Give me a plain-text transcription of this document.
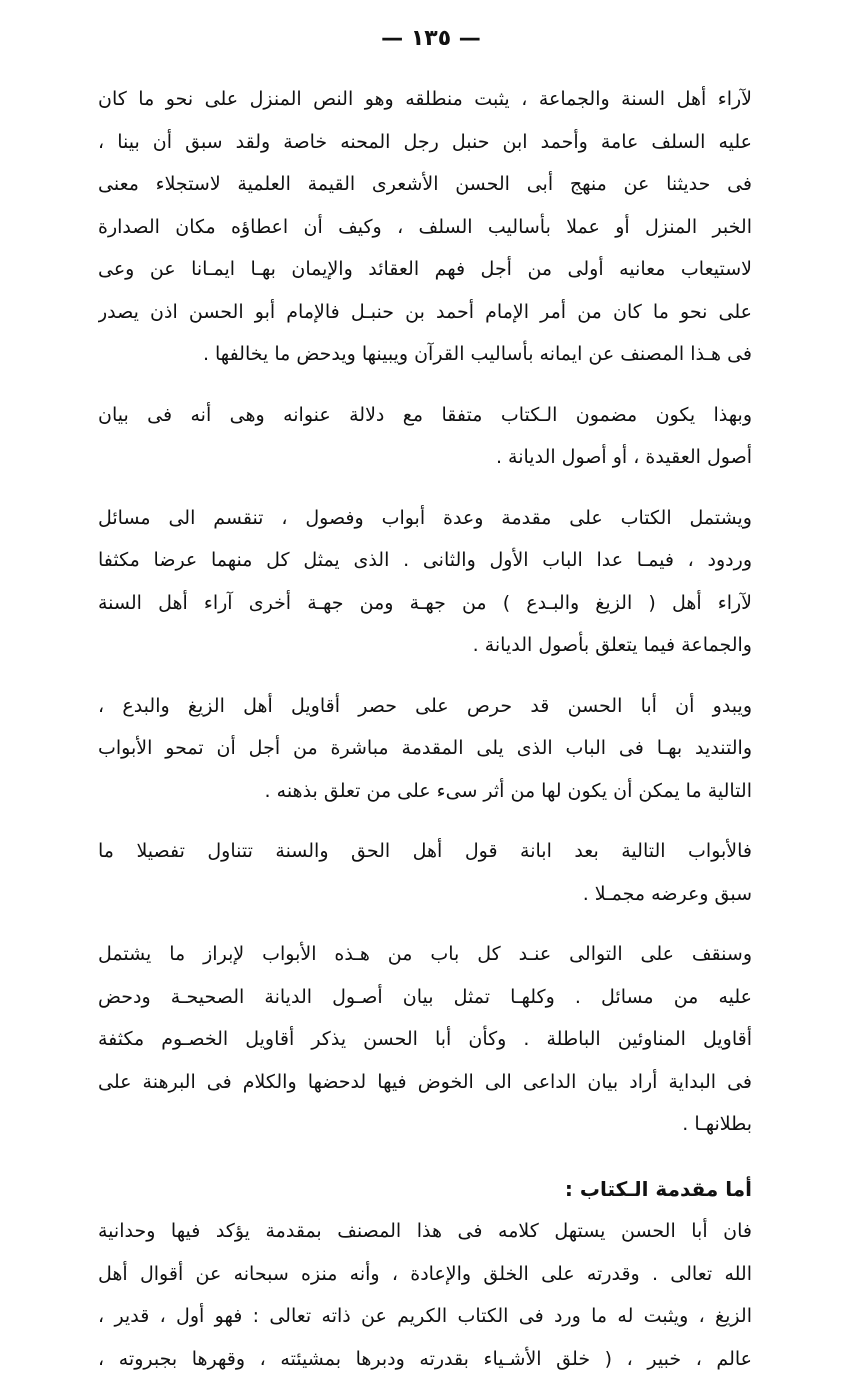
— ١٣٥ —

لآراء أهل السنة والجماعة ، يثبت منطلقه وهو النص المنزل على نحو ما كان
عليه السلف عامة وأحمد ابن حنبل رجل المحنه خاصة ولقد سبق أن بينا ،
فى حديثنا عن منهج أبى الحسن الأشعرى القيمة العلمية لاستجلاء معنى
الخبر المنزل أو عملا بأساليب السلف ، وكيف أن اعطاؤه مكان الصدارة
لاستيعاب معانيه أولى من أجل فهم العقائد والإيمان بهـا ايمـانا عن وعى
على نحو ما كان من أمر الإمام أحمد بن حنبـل فالإمام أبو الحسن اذن يصدر
فى هـذا المصنف عن ايمانه بأساليب القرآن ويبينها ويدحض ما يخالفها .

وبهذا يكون مضمون الـكتاب متفقا مع دلالة عنوانه وهى أنه فى بيان
أصول العقيدة ، أو أصول الديانة .

ويشتمل الكتاب على مقدمة وعدة أبواب وفصول ، تنقسم الى مسائل
وردود ، فيمـا عدا الباب الأول والثانى . الذى يمثل كل منهما عرضا مكثفا
لآراء أهل ( الزيغ والبـدع ) من جهـة ومن جهـة أخرى آراء أهل السنة
والجماعة فيما يتعلق بأصول الديانة .

ويبدو أن أبا الحسن قد حرص على حصر أقاويل أهل الزيغ والبدع ،
والتنديد بهـا فى الباب الذى يلى المقدمة مباشرة من أجل أن تمحو الأبواب
التالية ما يمكن أن يكون لها من أثر سىء على من تعلق بذهنه .

فالأبواب التالية بعد ابانة قول أهل الحق والسنة تتناول تفصيلا ما
سبق وعرضه مجمـلا .

وسنقف على التوالى عنـد كل باب من هـذه الأبواب لإبراز ما يشتمل
عليه من مسائل . وكلهـا تمثل بيان أصـول الديانة الصحيحـة ودحض
أقاويل المناوئين الباطلة . وكأن أبا الحسن يذكر أقاويل الخصـوم مكثفة
فى البداية أراد بيان الداعى الى الخوض فيها لدحضها والكلام فى البرهنة على
بطلانهـا .

أما مقدمة الـكتاب :

فان أبا الحسن يستهل كلامه فى هذا المصنف بمقدمة يؤكد فيها وحدانية
الله تعالى . وقدرته على الخلق والإعادة ، وأنه منزه سبحانه عن أقوال أهل
الزيغ ، ويثبت له ما ورد فى الكتاب الكريم عن ذاته تعالى : فهو أول ، قدير ،
عالم ، خبير ، ( خلق الأشـياء بقدرته ودبرها بمشيئته ، وقهرها بجبروته ،
